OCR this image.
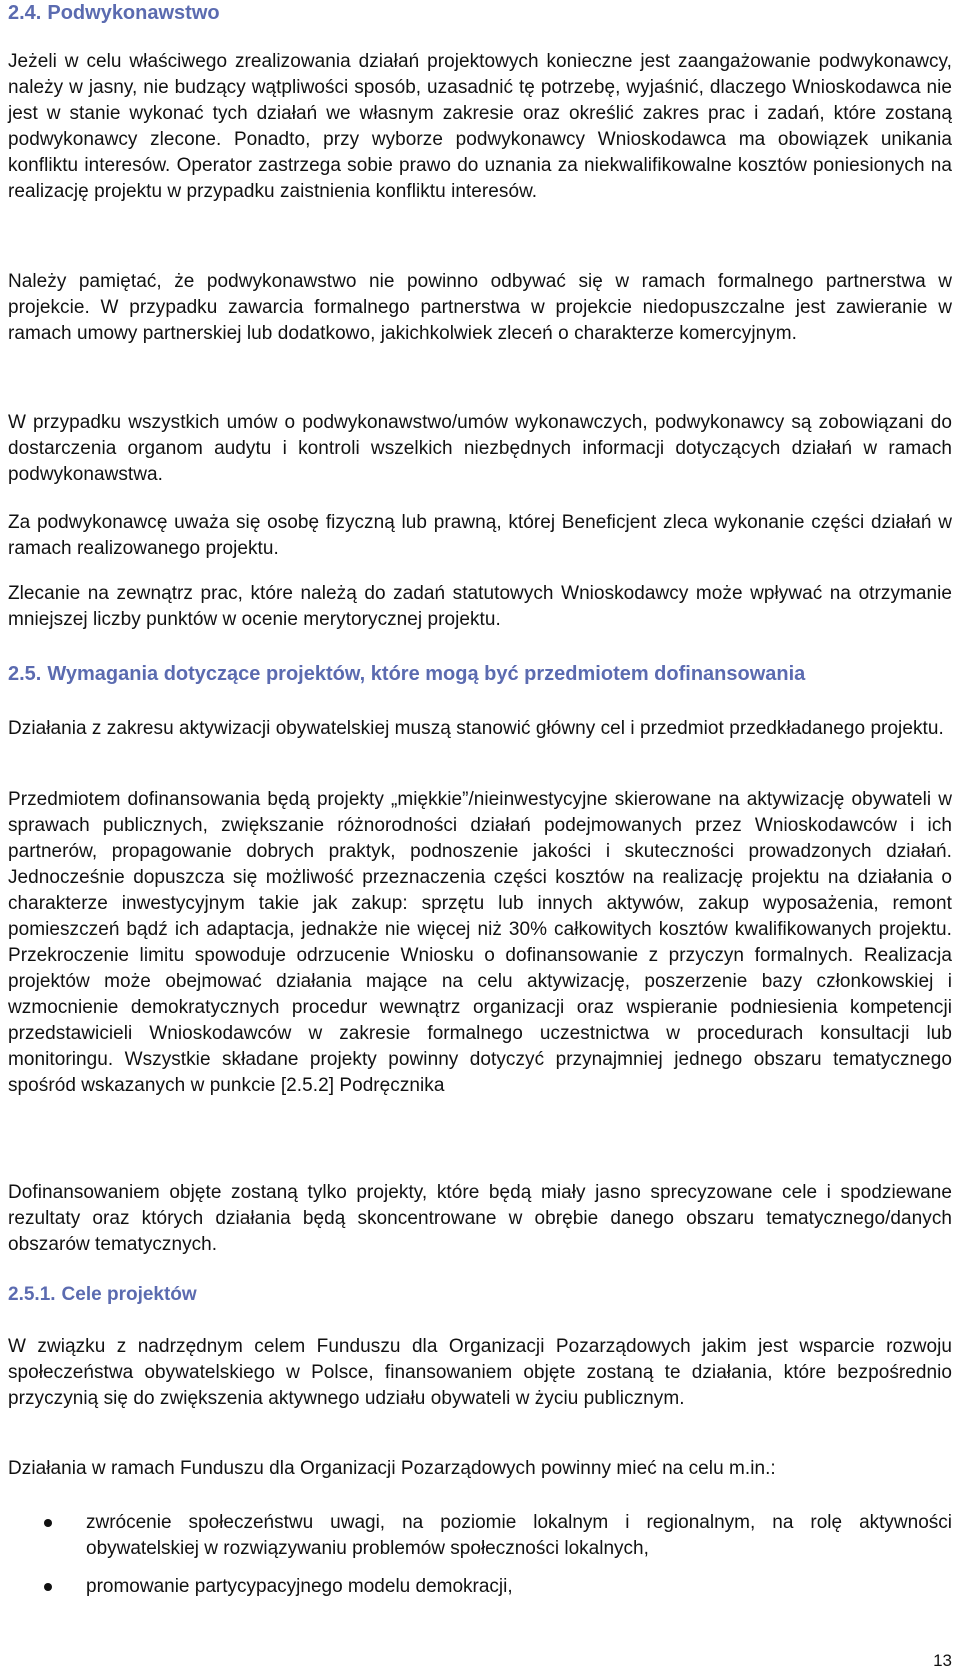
2.4. Podwykonawstwo

Jeżeli w celu właściwego zrealizowania działań projektowych konieczne jest zaangażowanie podwykonawcy, należy w jasny, nie budzący wątpliwości sposób, uzasadnić tę potrzebę, wyjaśnić, dlaczego Wnioskodawca nie jest w stanie wykonać tych działań we własnym zakresie oraz określić zakres prac i zadań, które zostaną podwykonawcy zlecone. Ponadto, przy wyborze podwykonawcy Wnioskodawca ma obowiązek unikania konfliktu interesów. Operator zastrzega sobie prawo do uznania za niekwalifikowalne kosztów poniesionych na realizację projektu w przypadku zaistnienia konfliktu interesów.

Należy pamiętać, że podwykonawstwo nie powinno odbywać się w ramach formalnego partnerstwa w projekcie. W przypadku zawarcia formalnego partnerstwa w projekcie niedopuszczalne jest zawieranie w ramach umowy partnerskiej lub dodatkowo, jakichkolwiek zleceń o charakterze komercyjnym.

W przypadku wszystkich umów o podwykonawstwo/umów wykonawczych, podwykonawcy są zobowiązani do dostarczenia organom audytu i kontroli wszelkich niezbędnych informacji dotyczących działań w ramach podwykonawstwa.

Za podwykonawcę uważa się osobę fizyczną lub prawną, której Beneficjent zleca wykonanie części działań w ramach realizowanego projektu.

Zlecanie na zewnątrz prac, które należą do zadań statutowych Wnioskodawcy może wpływać na otrzymanie mniejszej liczby punktów w ocenie merytorycznej projektu.

2.5. Wymagania dotyczące projektów, które mogą być przedmiotem dofinansowania

Działania z zakresu aktywizacji obywatelskiej muszą stanowić główny cel i przedmiot przedkładanego projektu.

Przedmiotem dofinansowania będą projekty „miękkie”/nieinwestycyjne skierowane na aktywizację obywateli w sprawach publicznych, zwiększanie różnorodności działań podejmowanych przez Wnioskodawców i ich partnerów, propagowanie dobrych praktyk, podnoszenie jakości i skuteczności prowadzonych działań. Jednocześnie dopuszcza się możliwość przeznaczenia części kosztów na realizację projektu na działania o charakterze inwestycyjnym takie jak zakup: sprzętu lub innych aktywów, zakup wyposażenia, remont pomieszczeń bądź ich adaptacja, jednakże nie więcej niż 30% całkowitych kosztów kwalifikowanych projektu. Przekroczenie limitu spowoduje odrzucenie Wniosku o dofinansowanie z przyczyn formalnych. Realizacja projektów może obejmować działania mające na celu aktywizację, poszerzenie bazy członkowskiej i wzmocnienie demokratycznych procedur wewnątrz organizacji oraz wspieranie podniesienia kompetencji przedstawicieli Wnioskodawców w zakresie formalnego uczestnictwa w procedurach konsultacji lub monitoringu. Wszystkie składane projekty powinny dotyczyć przynajmniej jednego obszaru tematycznego spośród wskazanych w punkcie [2.5.2] Podręcznika

Dofinansowaniem objęte zostaną tylko projekty, które będą miały jasno sprecyzowane cele i spodziewane rezultaty oraz których działania będą skoncentrowane w obrębie danego obszaru tematycznego/danych obszarów tematycznych.

2.5.1. Cele projektów

W związku z nadrzędnym celem Funduszu dla Organizacji Pozarządowych jakim jest wsparcie rozwoju społeczeństwa obywatelskiego w Polsce, finansowaniem objęte zostaną te działania, które bezpośrednio przyczynią się do zwiększenia aktywnego udziału obywateli w życiu publicznym.

Działania w ramach Funduszu dla Organizacji Pozarządowych powinny mieć na celu m.in.:

zwrócenie społeczeństwu uwagi, na poziomie lokalnym i regionalnym, na rolę aktywności obywatelskiej w rozwiązywaniu problemów społeczności lokalnych,
promowanie partycypacyjnego modelu demokracji,
13
